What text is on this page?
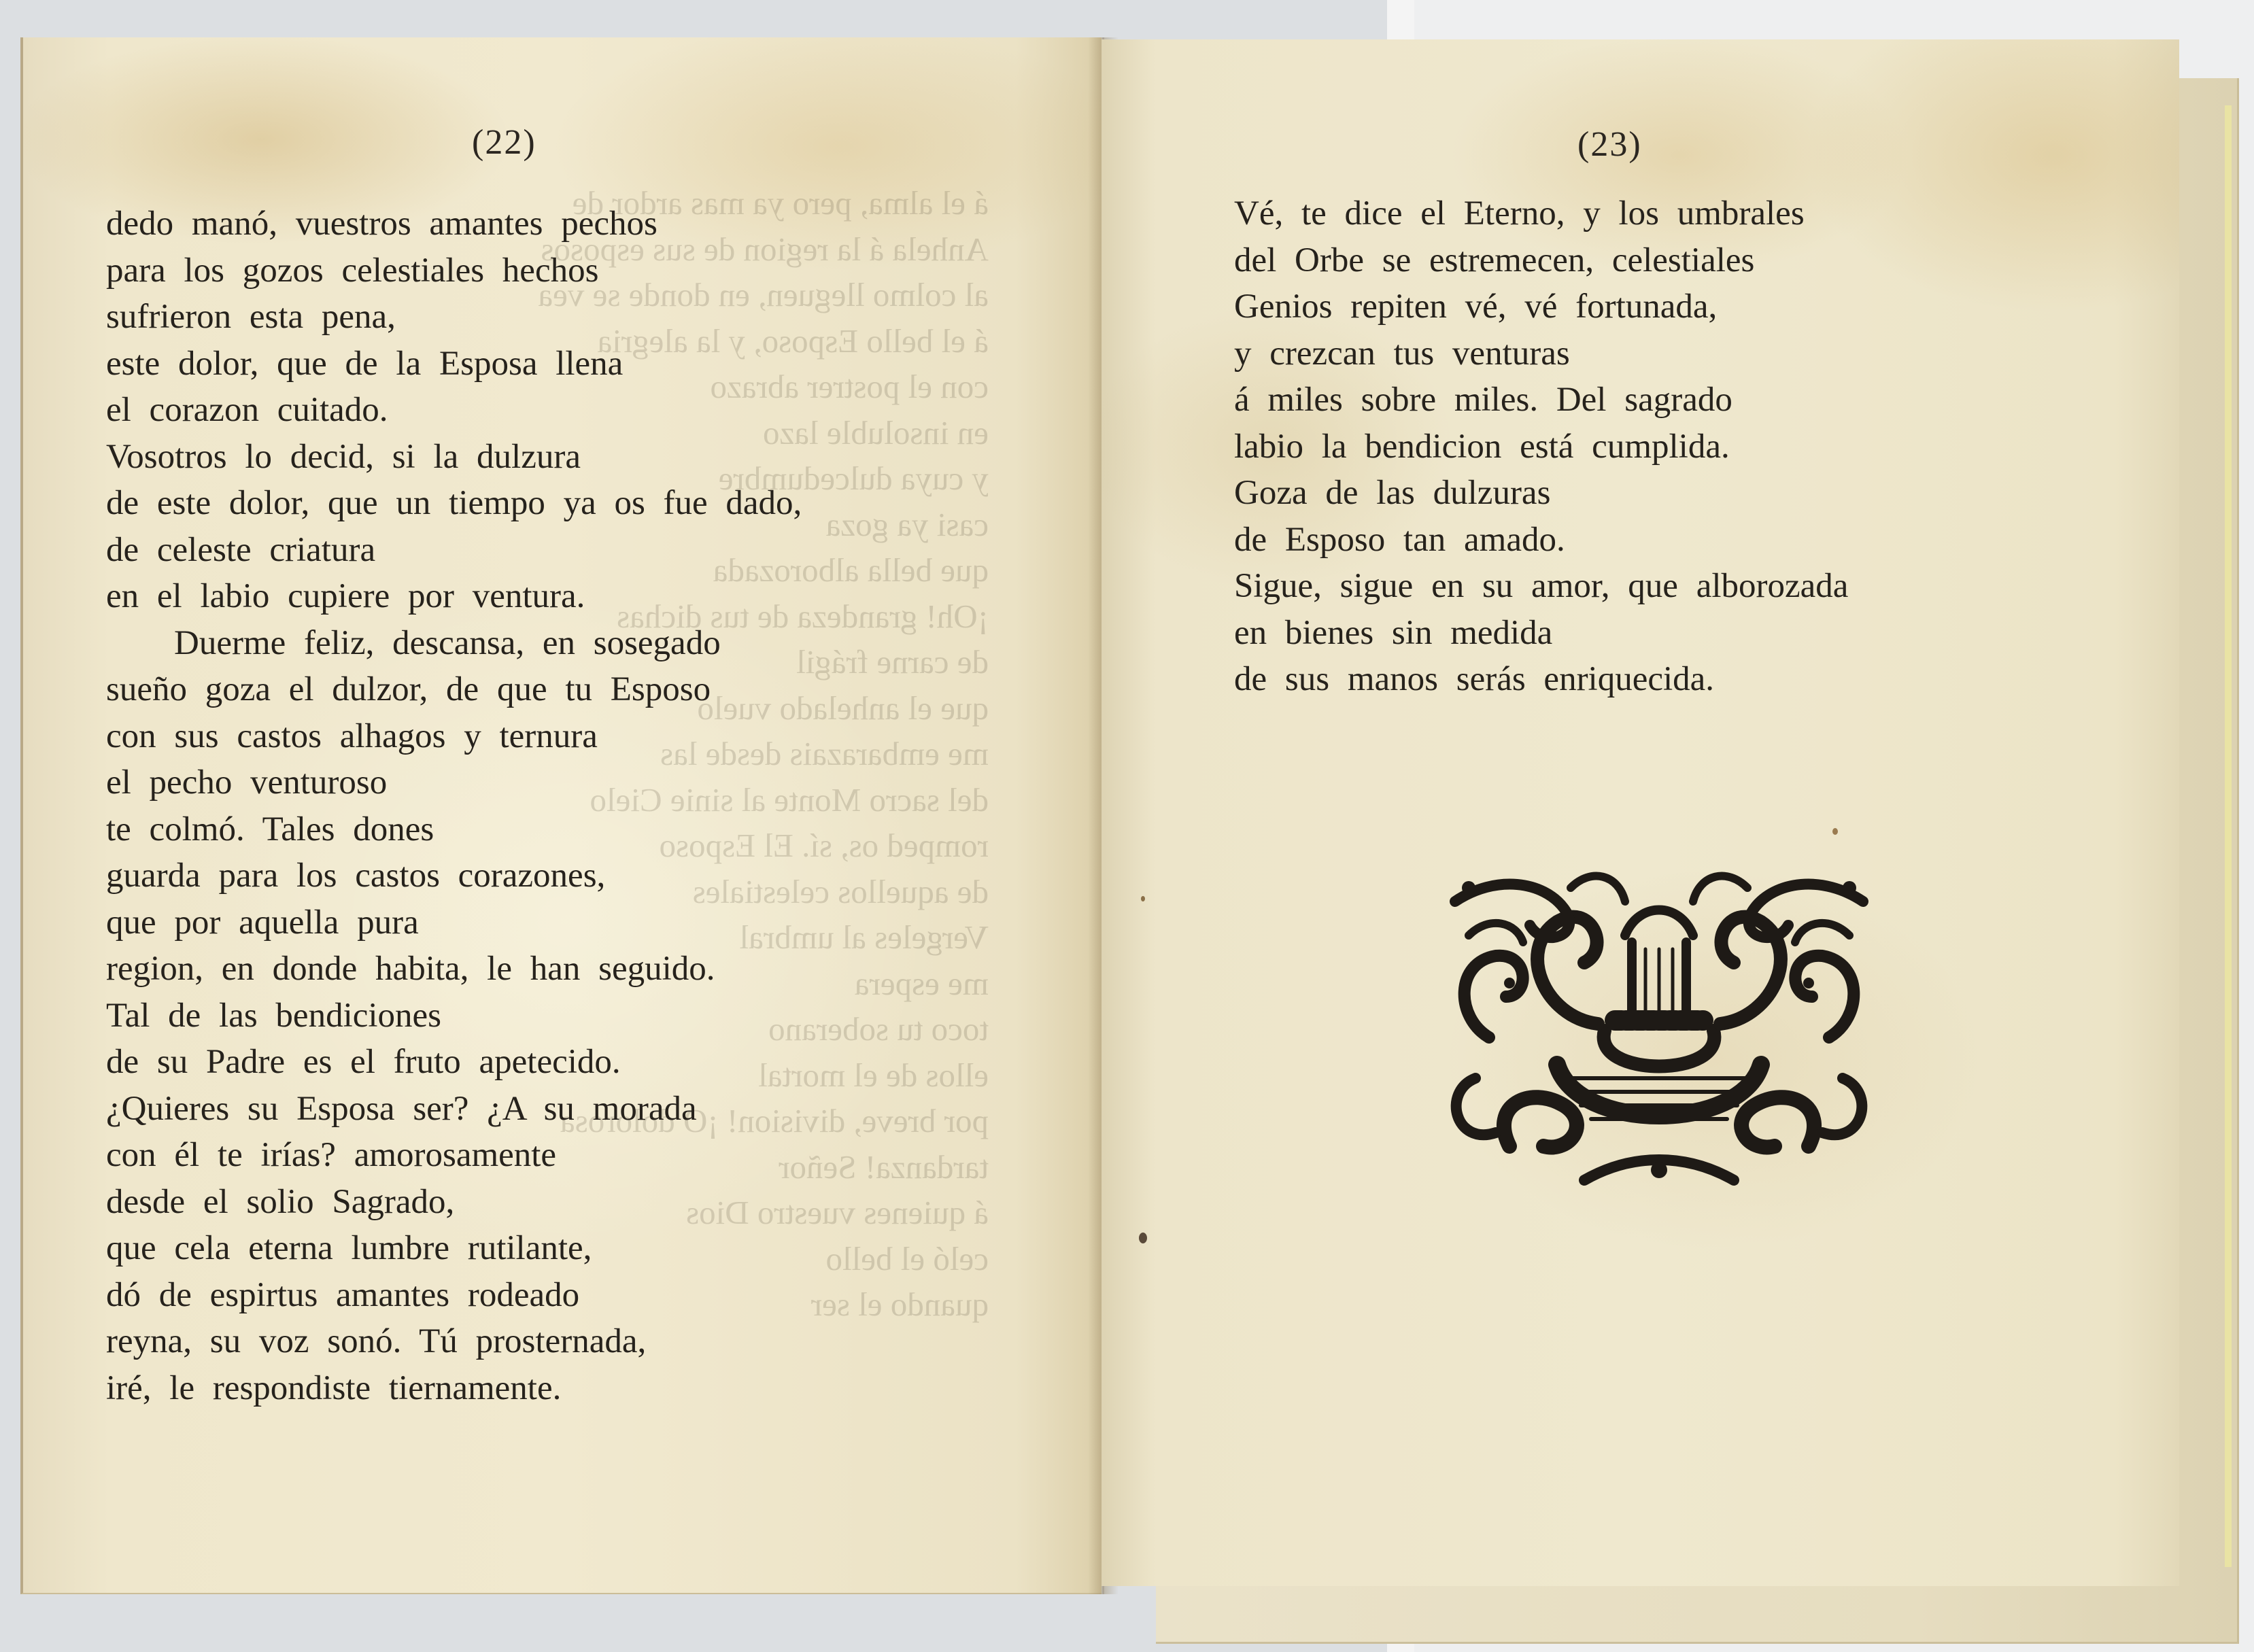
á el alma, pero ya mas ardor de
Anhela á la region de sus esposos
al colmo lleguen, en donde se vea
á el bello Esposo, y la alegria
con el postrer abrazo
en insoluble lazo
y cuya dulcedumbre
casi ya goza
que bella alborozada
¡Oh! grandeza de tus dichas
de carne frágil
que el anhelado vuelo
me embarazais desde las
del sacro Monte al sinie Cielo
romped os, sí. El Esposo
de aquellos celestiales
Vergeles al umbral
me espera
toco tu soberano
ellos de el mortal
por breve, division! ¡O dolorosa
tardanza! Señor
á quienes vuestro Dios
celó el bello
quando el ser
(22)
dedo manó, vuestros amantes pechos
para los gozos celestiales hechos
sufrieron esta pena,
este dolor, que de la Esposa llena
el corazon cuitado.
Vosotros lo decid, si la dulzura
de este dolor, que un tiempo ya os fue dado,
de celeste criatura
en el labio cupiere por ventura.
Duerme feliz, descansa, en sosegado
sueño goza el dulzor, de que tu Esposo
con sus castos alhagos y ternura
el pecho venturoso
te colmó. Tales dones
guarda para los castos corazones,
que por aquella pura
region, en donde habita, le han seguido.
Tal de las bendiciones
de su Padre es el fruto apetecido.
¿Quieres su Esposa ser? ¿A su morada
con él te irías? amorosamente
desde el solio Sagrado,
que cela eterna lumbre rutilante,
dó de espirtus amantes rodeado
reyna, su voz sonó. Tú prosternada,
iré, le respondiste tiernamente.
(23)
Vé, te dice el Eterno, y los umbrales
del Orbe se estremecen, celestiales
Genios repiten vé, vé fortunada,
y crezcan tus venturas
á miles sobre miles. Del sagrado
labio la bendicion está cumplida.
Goza de las dulzuras
de Esposo tan amado.
Sigue, sigue en su amor, que alborozada
en bienes sin medida
de sus manos serás enriquecida.
